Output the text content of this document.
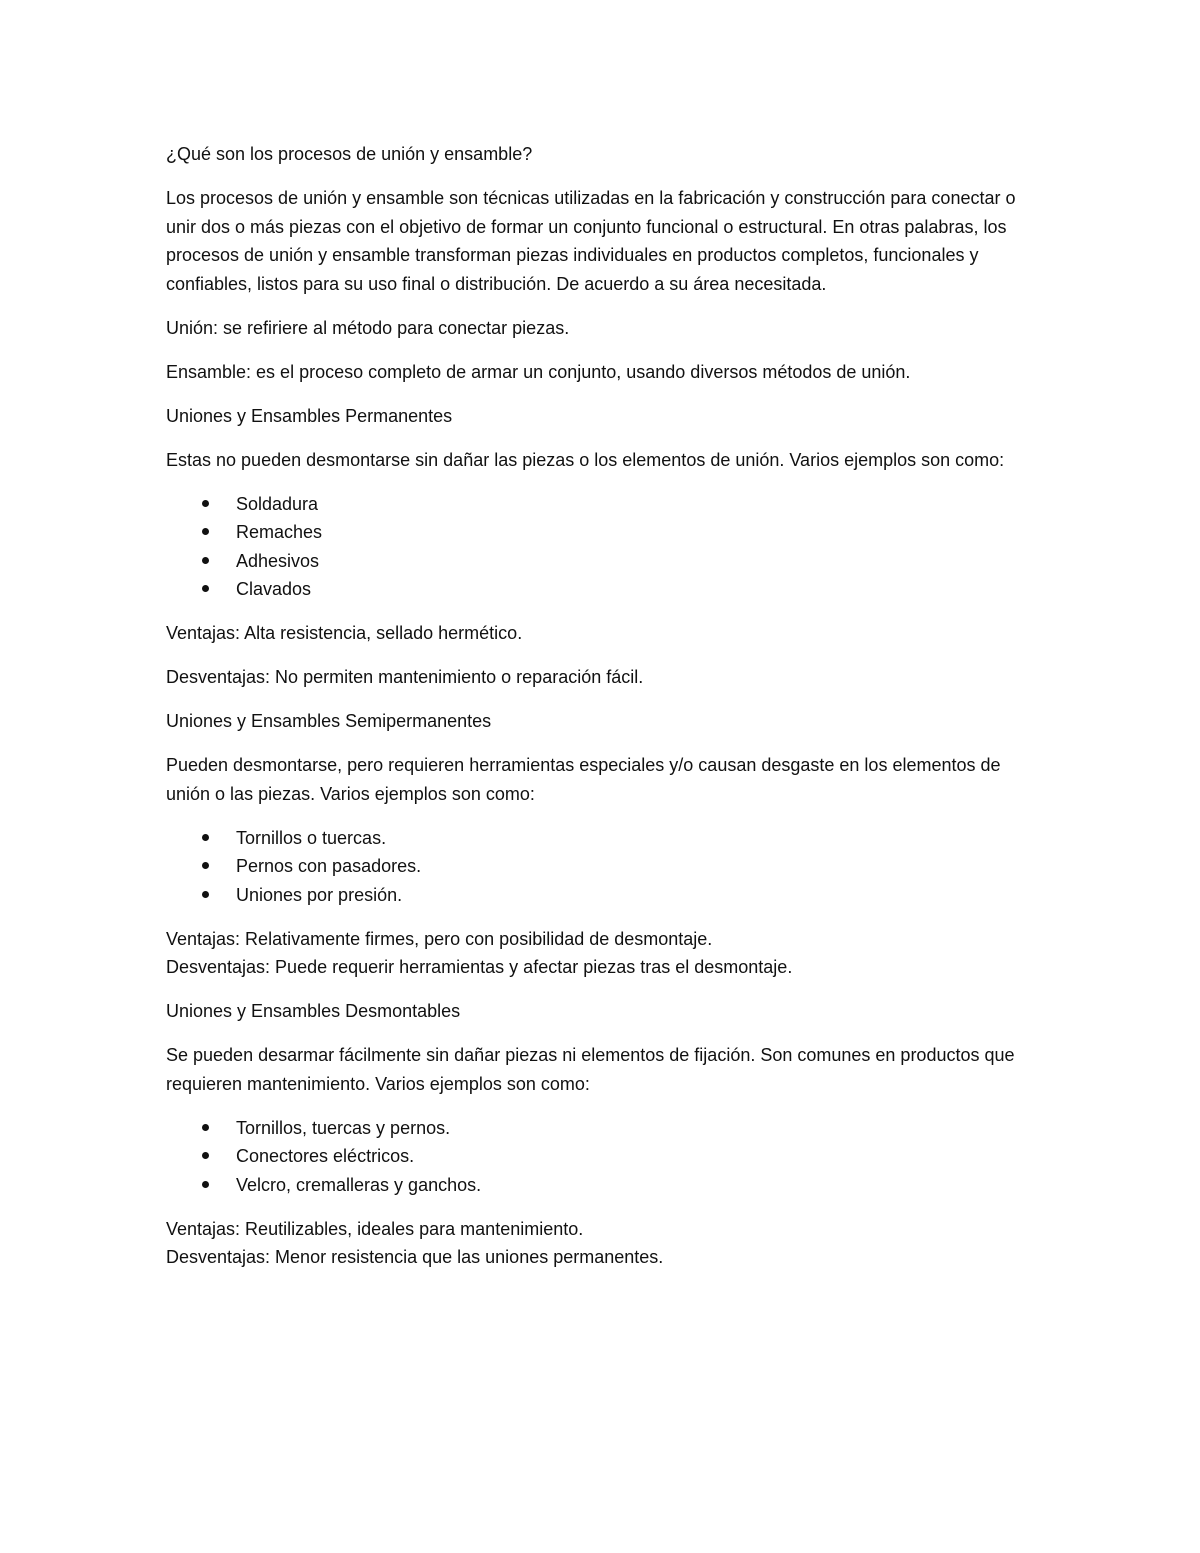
¿Qué son los procesos de unión y ensamble?

Los procesos de unión y ensamble son técnicas utilizadas en la fabricación y construcción para conectar o unir dos o más piezas con el objetivo de formar un conjunto funcional o estructural. En otras palabras, los procesos de unión y ensamble transforman piezas individuales en productos completos, funcionales y confiables, listos para su uso final o distribución. De acuerdo a su área necesitada.

Unión: se refiriere al método para conectar piezas.

Ensamble: es el proceso completo de armar un conjunto, usando diversos métodos de unión.

Uniones y Ensambles Permanentes

Estas no pueden desmontarse sin dañar las piezas o los elementos de unión. Varios ejemplos son como:

Soldadura
Remaches
Adhesivos
Clavados

Ventajas: Alta resistencia, sellado hermético.

Desventajas: No permiten mantenimiento o reparación fácil.

Uniones y Ensambles Semipermanentes

Pueden desmontarse, pero requieren herramientas especiales y/o causan desgaste en los elementos de unión o las piezas. Varios ejemplos son como:

Tornillos o tuercas.
Pernos con pasadores.
Uniones por presión.

Ventajas: Relativamente firmes, pero con posibilidad de desmontaje.

Desventajas: Puede requerir herramientas y afectar piezas tras el desmontaje.

Uniones y Ensambles Desmontables

Se pueden desarmar fácilmente sin dañar piezas ni elementos de fijación. Son comunes en productos que requieren mantenimiento. Varios ejemplos son como:

Tornillos, tuercas y pernos.
Conectores eléctricos.
Velcro, cremalleras y ganchos.

Ventajas: Reutilizables, ideales para mantenimiento.

Desventajas: Menor resistencia que las uniones permanentes.
